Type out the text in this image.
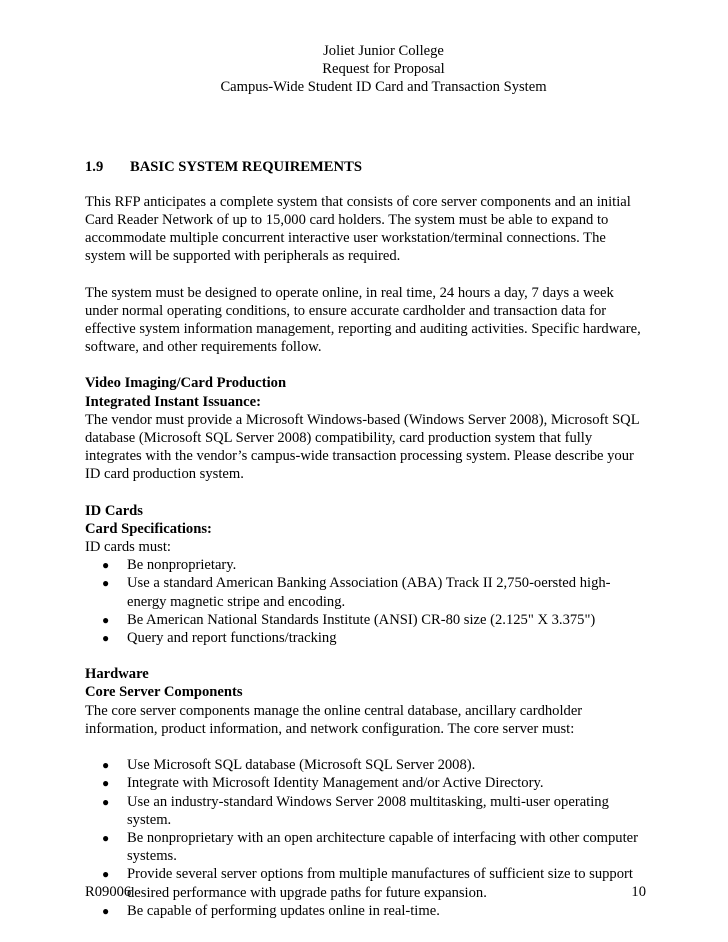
Joliet Junior College
Request for Proposal
Campus-Wide Student ID Card and Transaction System
1.9	BASIC SYSTEM REQUIREMENTS

This RFP anticipates a complete system that consists of core server components and an initial Card Reader Network of up to 15,000 card holders. The system must be able to expand to accommodate multiple concurrent interactive user workstation/terminal connections. The system will be supported with peripherals as required.

The system must be designed to operate online, in real time, 24 hours a day, 7 days a week under normal operating conditions, to ensure accurate cardholder and transaction data for effective system information management, reporting and auditing activities. Specific hardware, software, and other requirements follow.

Video Imaging/Card Production
Integrated Instant Issuance:

The vendor must provide a Microsoft Windows-based (Windows Server 2008), Microsoft SQL database (Microsoft SQL Server 2008) compatibility, card production system that fully integrates with the vendor’s campus-wide transaction processing system. Please describe your ID card production system.

ID Cards
Card Specifications:
ID cards must:
● Be nonproprietary.
● Use a standard American Banking Association (ABA) Track II 2,750-oersted high-energy magnetic stripe and encoding.
● Be American National Standards Institute (ANSI) CR-80 size (2.125" X 3.375")
● Query and report functions/tracking
Hardware
Core Server Components

The core server components manage the online central database, ancillary cardholder information, product information, and network configuration. The core server must:

● Use Microsoft SQL database (Microsoft SQL Server 2008).
● Integrate with Microsoft Identity Management and/or Active Directory.
● Use an industry-standard Windows Server 2008 multitasking, multi-user operating system.
● Be nonproprietary with an open architecture capable of interfacing with other computer systems.
● Provide several server options from multiple manufactures of sufficient size to support desired performance with upgrade paths for future expansion.
● Be capable of performing updates online in real-time.
R09006	10
